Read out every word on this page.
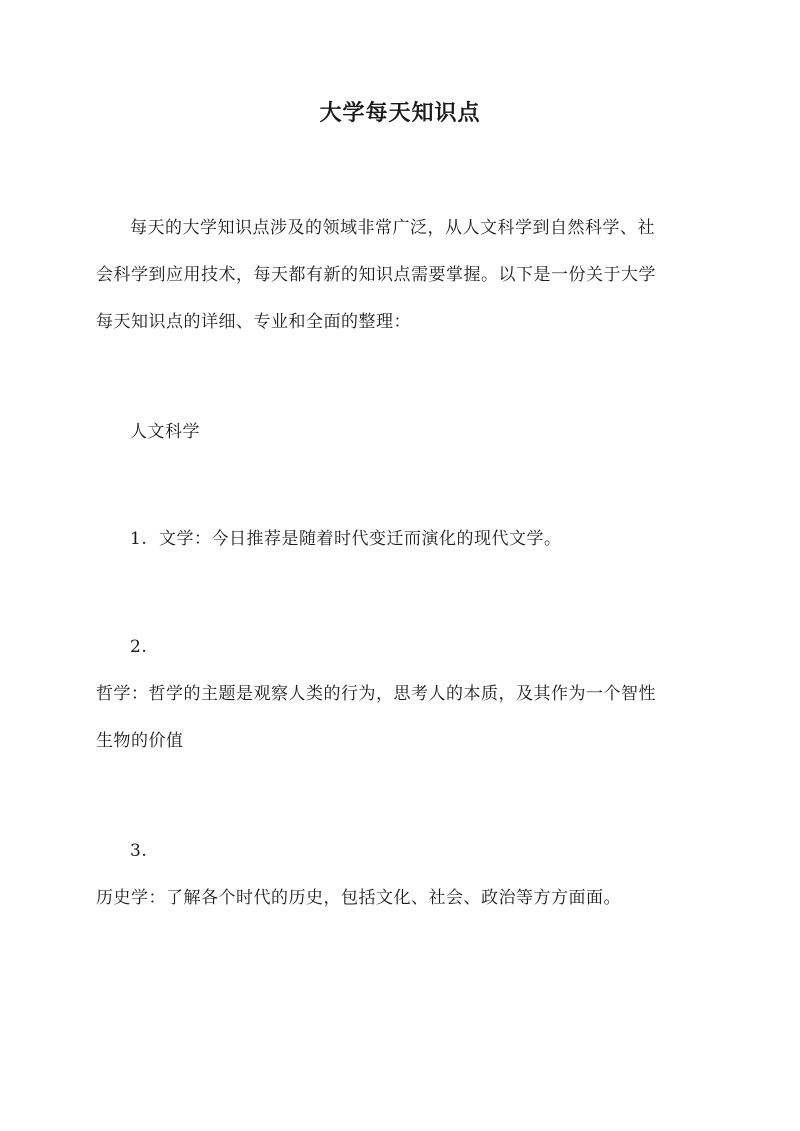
大学每天知识点
每天的大学知识点涉及的领域非常广泛，从人文科学到自然科学、社
会科学到应用技术，每天都有新的知识点需要掌握。以下是一份关于大学
每天知识点的详细、专业和全面的整理：
人文科学
1. 文学：今日推荐是随着时代变迁而演化的现代文学。
2.
哲学：哲学的主题是观察人类的行为，思考人的本质，及其作为一个智性
生物的价值
3.
历史学：了解各个时代的历史，包括文化、社会、政治等方方面面。
